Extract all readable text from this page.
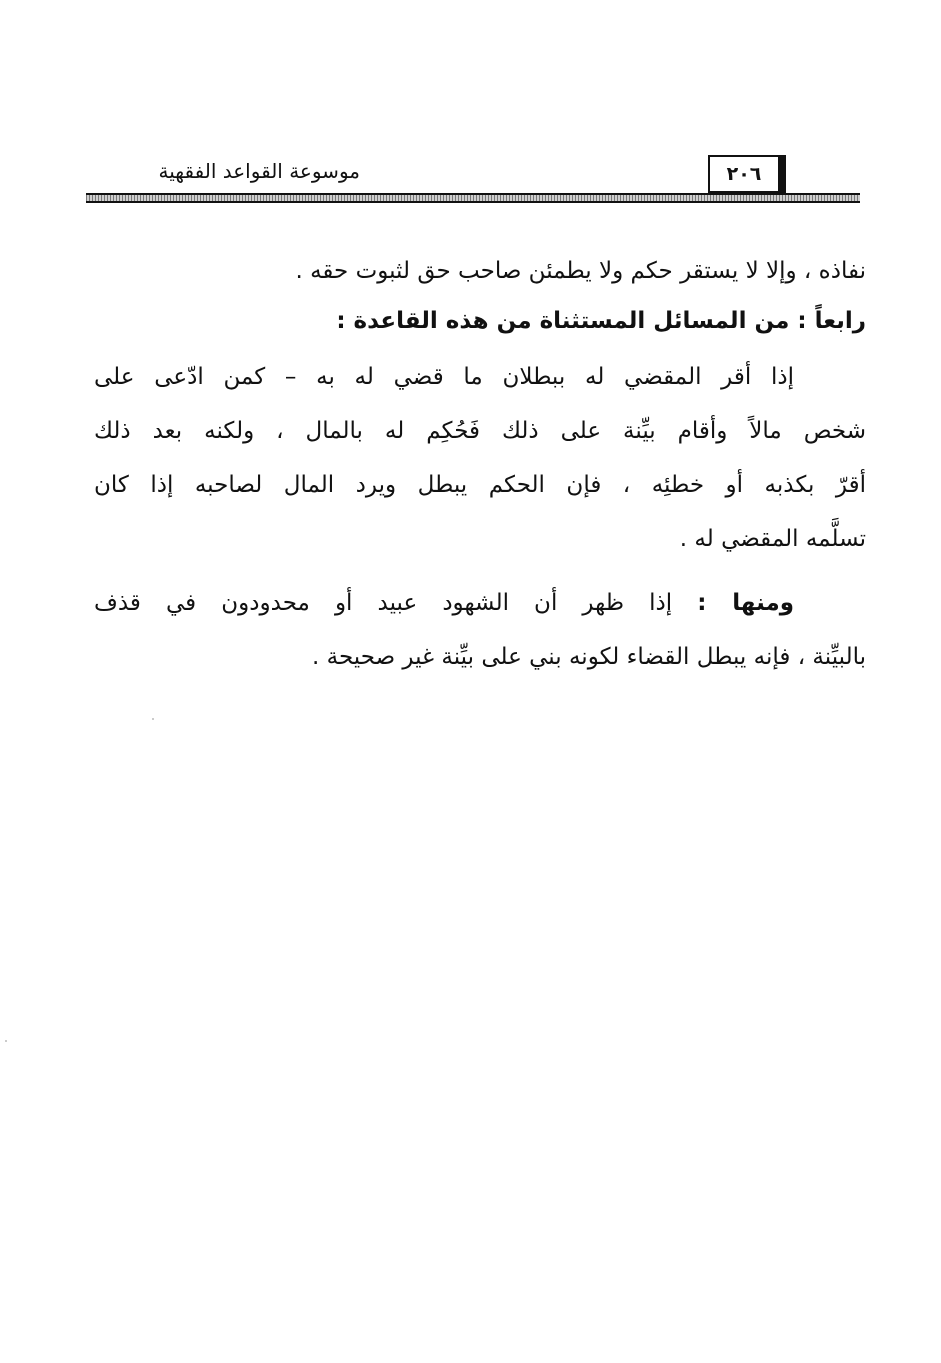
موسوعة القواعد الفقهية	٢٠٦
نفاذه ، وإلا لا يستقر حكم ولا يطمئن صاحب حق لثبوت حقه .
رابعاً : من المسائل المستثناة من هذه القاعدة :
إذا أقر المقضي له ببطلان ما قضي له به – كمن ادّعى على
شخص مالاً وأقام بيِّنة على ذلك فَحُكِم له بالمال ، ولكنه بعد ذلك
أقرّ بكذبه أو خطئِه ، فإن الحكم يبطل ويرد المال لصاحبه إذا كان
تسلَّمه المقضي له .
ومنها : إذا ظهر أن الشهود عبيد أو محدودون في قذف
بالبيِّنة ، فإنه يبطل القضاء لكونه بني على بيِّنة غير صحيحة .
